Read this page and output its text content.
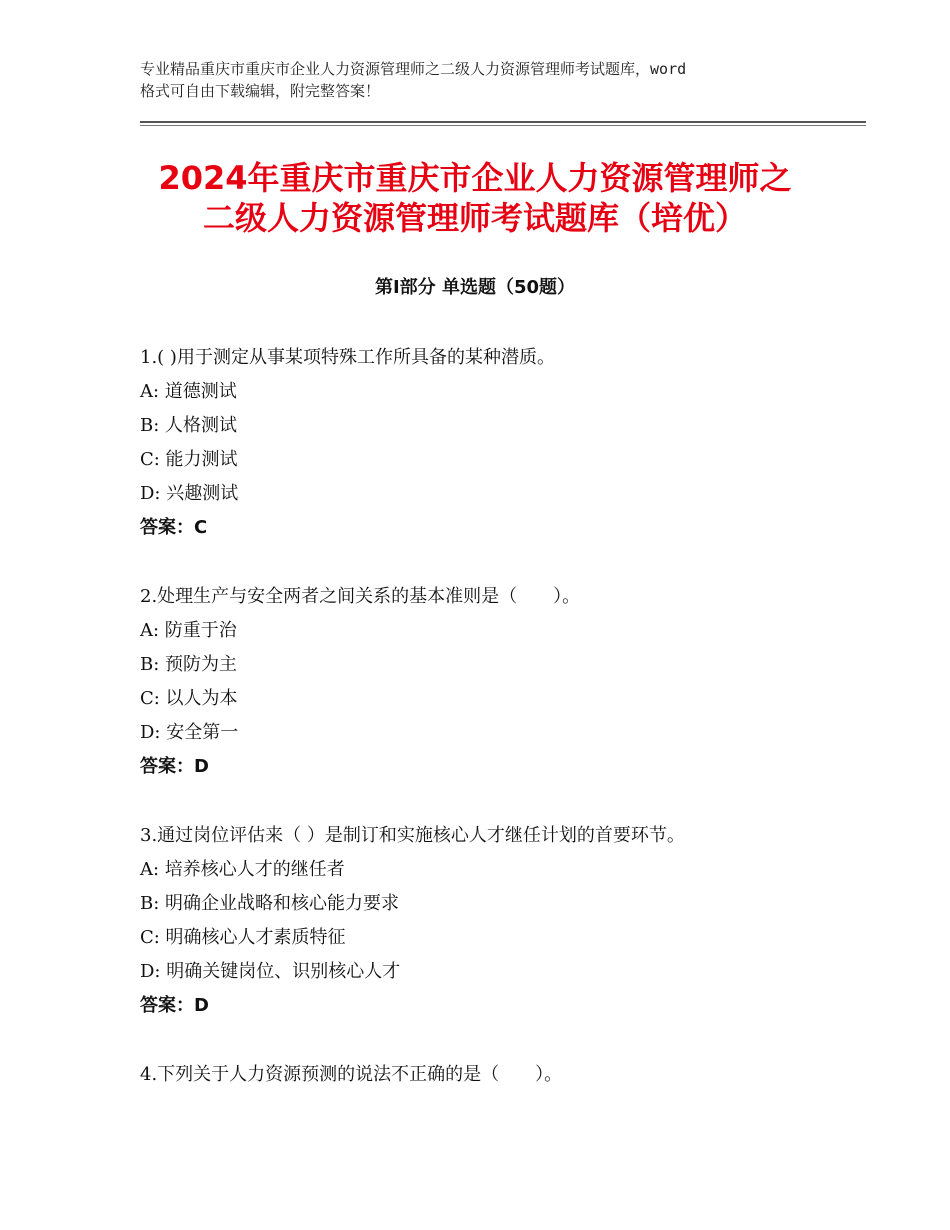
专业精品重庆市重庆市企业人力资源管理师之二级人力资源管理师考试题库，word
格式可自由下载编辑，附完整答案！
2024年重庆市重庆市企业人力资源管理师之
二级人力资源管理师考试题库（培优）
第Ⅰ部分 单选题（50题）
1.( )用于测定从事某项特殊工作所具备的某种潜质。
A: 道德测试
B: 人格测试
C: 能力测试
D: 兴趣测试
答案：C
2.处理生产与安全两者之间关系的基本准则是（　　）。
A: 防重于治
B: 预防为主
C: 以人为本
D: 安全第一
答案：D
3.通过岗位评估来（ ）是制订和实施核心人才继任计划的首要环节。
A: 培养核心人才的继任者
B: 明确企业战略和核心能力要求
C: 明确核心人才素质特征
D: 明确关键岗位、识别核心人才
答案：D
4.下列关于人力资源预测的说法不正确的是（　　）。
